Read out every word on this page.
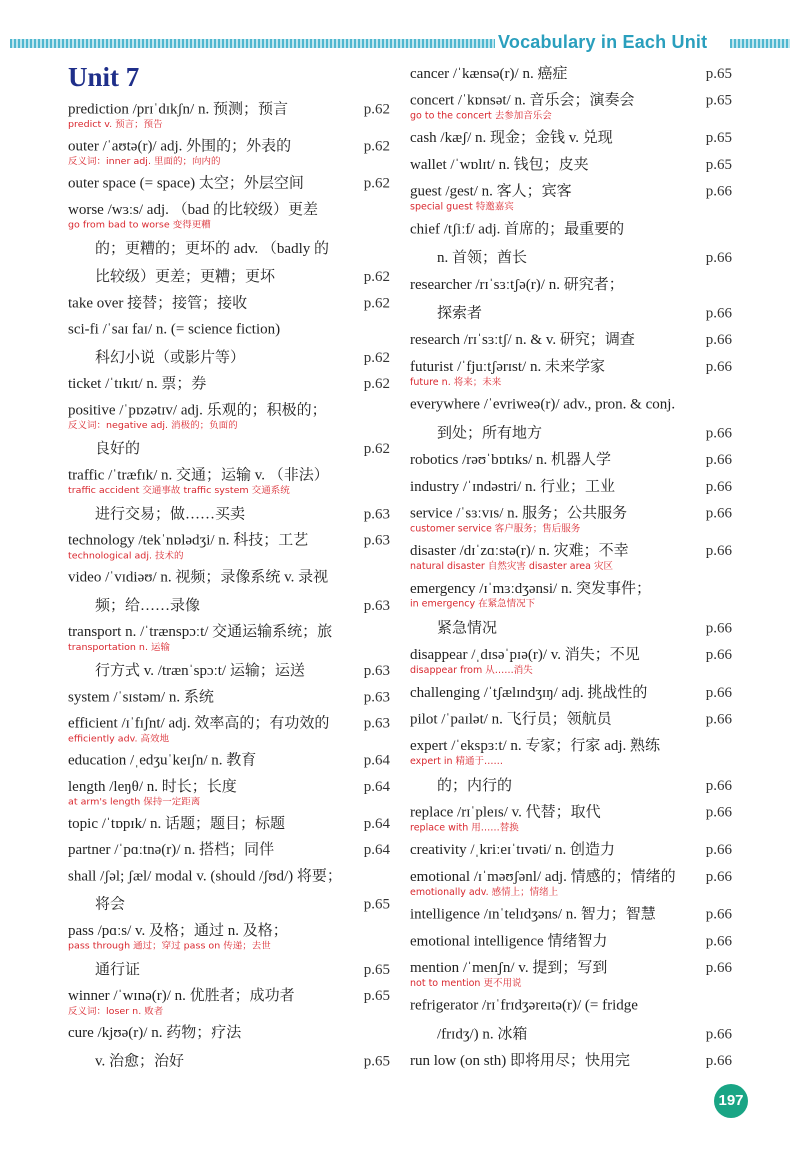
Vocabulary in Each Unit
Unit 7
prediction /prɪˈdɪkʃn/ n. 预测；预言	p.62
predict v. 预言；预告
outer /ˈaʊtə(r)/ adj. 外围的；外表的	p.62
反义词：inner adj. 里面的；向内的
outer space (= space) 太空；外层空间	p.62
worse /wɜːs/ adj. （bad 的比较级）更差
go from bad to worse 变得更糟
的；更糟的；更坏的 adv. （badly 的
比较级）更差；更糟；更坏	p.62
take over 接替；接管；接收	p.62
sci-fi /ˈsaɪ faɪ/ n. (= science fiction)
科幻小说（或影片等）	p.62
ticket /ˈtɪkɪt/ n. 票；券	p.62
positive /ˈpɒzətɪv/ adj. 乐观的；积极的；
反义词：negative adj. 消极的；负面的
良好的	p.62
traffic /ˈtræfɪk/ n. 交通；运输 v. （非法）
traffic accident 交通事故 traffic system 交通系统
进行交易；做……买卖	p.63
technology /tekˈnɒlədʒi/ n. 科技；工艺	p.63
technological adj. 技术的
video /ˈvɪdiəʊ/ n. 视频；录像系统 v. 录视
频；给……录像	p.63
transport n. /ˈtrænspɔːt/ 交通运输系统；旅
transportation n. 运输
行方式 v. /trænˈspɔːt/ 运输；运送	p.63
system /ˈsɪstəm/ n. 系统	p.63
efficient /ɪˈfɪʃnt/ adj. 效率高的；有功效的 p.63
efficiently adv. 高效地
education /ˌedʒuˈkeɪʃn/ n. 教育	p.64
length /leŋθ/ n. 时长；长度	p.64
at arm's length 保持一定距离
topic /ˈtɒpɪk/ n. 话题；题目；标题	p.64
partner /ˈpɑːtnə(r)/ n. 搭档；同伴	p.64
shall /ʃəl; ʃæl/ modal v. (should /ʃʊd/) 将要；
将会	p.65
pass /pɑːs/ v. 及格；通过 n. 及格；
pass through 通过；穿过 pass on 传递；去世
通行证	p.65
winner /ˈwɪnə(r)/ n. 优胜者；成功者	p.65
反义词：loser n. 败者
cure /kjʊə(r)/ n. 药物；疗法
v. 治愈；治好	p.65
cancer /ˈkænsə(r)/ n. 癌症	p.65
concert /ˈkɒnsət/ n. 音乐会；演奏会	p.65
go to the concert 去参加音乐会
cash /kæʃ/ n. 现金；金钱 v. 兑现	p.65
wallet /ˈwɒlɪt/ n. 钱包；皮夹	p.65
guest /gest/ n. 客人；宾客	p.66
special guest 特邀嘉宾
chief /tʃiːf/ adj. 首席的；最重要的
n. 首领；酋长	p.66
researcher /rɪˈsɜːtʃə(r)/ n. 研究者；
探索者	p.66
research /rɪˈsɜːtʃ/ n. & v. 研究；调查	p.66
futurist /ˈfjuːtʃərɪst/ n. 未来学家	p.66
future n. 将来；未来
everywhere /ˈevriweə(r)/ adv., pron. & conj.
到处；所有地方	p.66
robotics /rəʊˈbɒtɪks/ n. 机器人学	p.66
industry /ˈɪndəstri/ n. 行业；工业	p.66
service /ˈsɜːvɪs/ n. 服务；公共服务	p.66
customer service 客户服务；售后服务
disaster /dɪˈzɑːstə(r)/ n. 灾难；不幸	p.66
natural disaster 自然灾害 disaster area 灾区
emergency /ɪˈmɜːdʒənsi/ n. 突发事件；
in emergency 在紧急情况下
紧急情况	p.66
disappear /ˌdɪsəˈpɪə(r)/ v. 消失；不见	p.66
disappear from 从……消失
challenging /ˈtʃælɪndʒɪŋ/ adj. 挑战性的	p.66
pilot /ˈpaɪlət/ n. 飞行员；领航员	p.66
expert /ˈekspɜːt/ n. 专家；行家 adj. 熟练
expert in 精通于……
的；内行的	p.66
replace /rɪˈpleɪs/ v. 代替；取代	p.66
replace with 用……替换
creativity /ˌkriːeɪˈtɪvəti/ n. 创造力	p.66
emotional /ɪˈməʊʃənl/ adj. 情感的；情绪的 p.66
emotionally adv. 感情上；情绪上
intelligence /ɪnˈtelɪdʒəns/ n. 智力；智慧	p.66
emotional intelligence 情绪智力	p.66
mention /ˈmenʃn/ v. 提到；写到	p.66
not to mention 更不用说
refrigerator /rɪˈfrɪdʒəreɪtə(r)/ (= fridge
/frɪdʒ/) n. 冰箱	p.66
run low (on sth) 即将用尽；快用完	p.66
197
